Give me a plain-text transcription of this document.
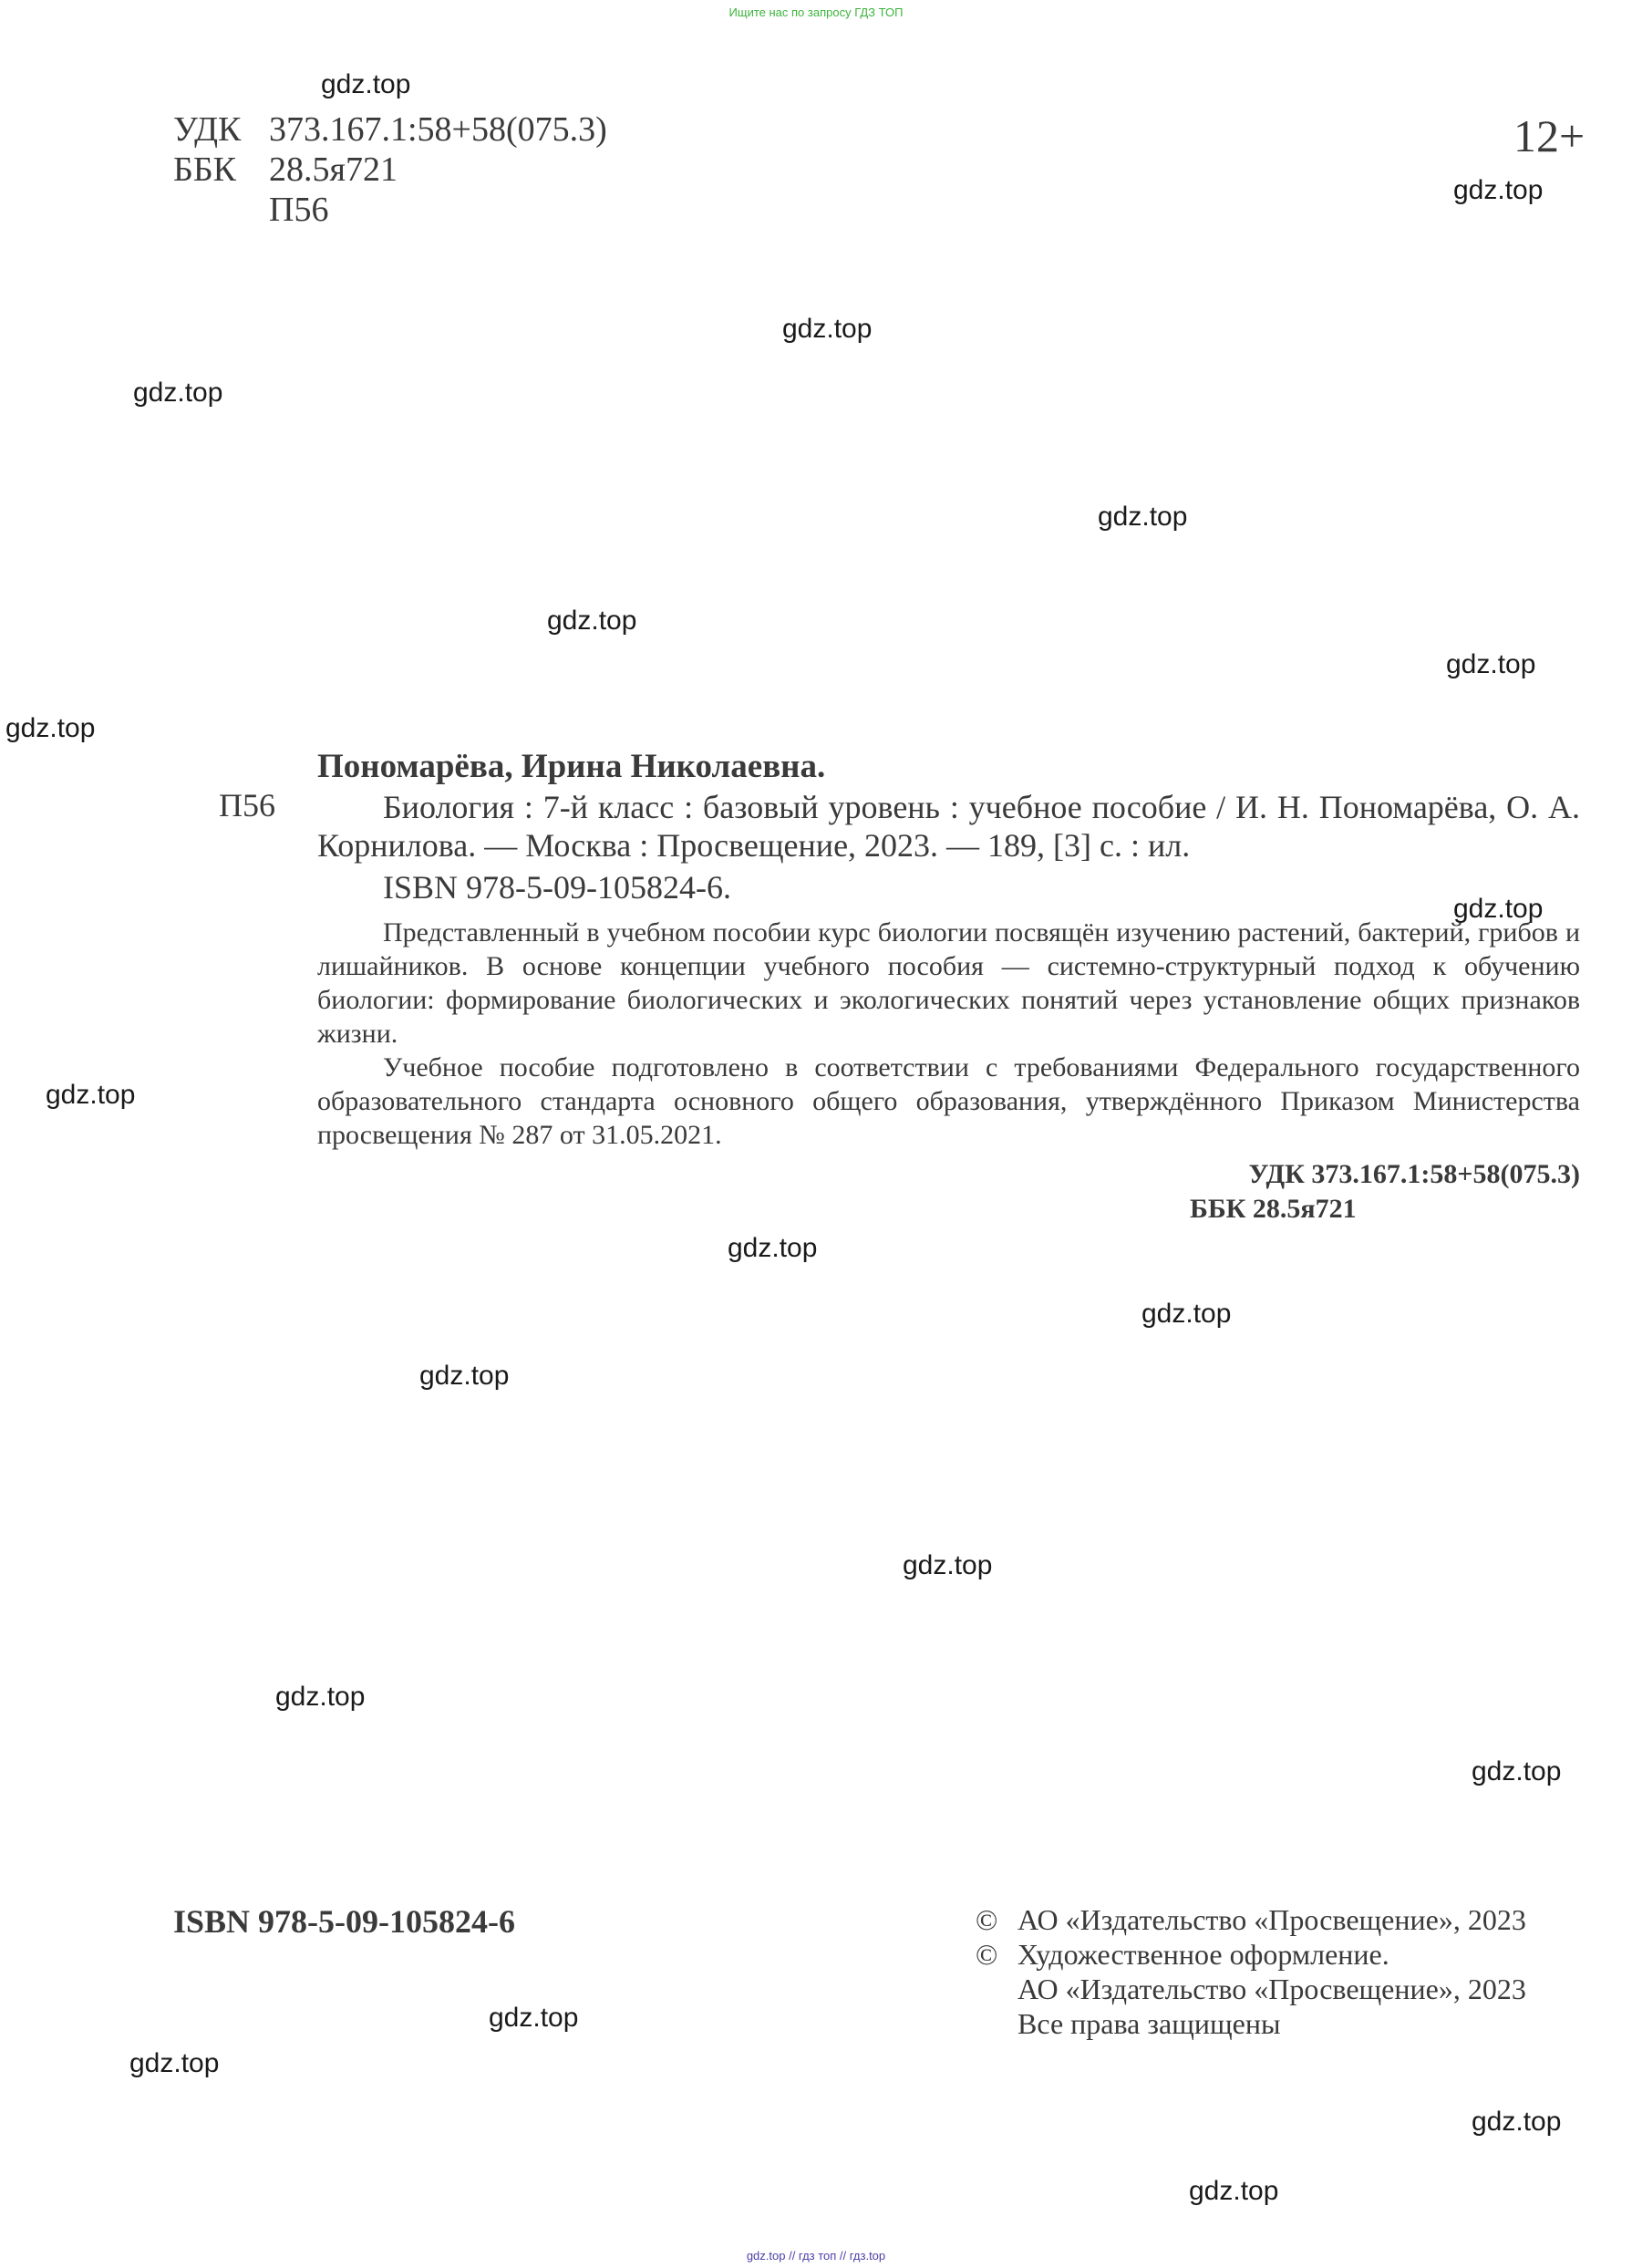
Ищите нас по запросу ГДЗ ТОП
УДК 373.167.1:58+58(075.3)
ББК 28.5я721
П56
12+
П56
Пономарёва, Ирина Николаевна.

Биология : 7-й класс : базовый уровень : учебное пособие / И. Н. Пономарёва, О. А. Корнилова. — Москва : Просвещение, 2023. — 189, [3] с. : ил.

ISBN 978-5-09-105824-6.

Представленный в учебном пособии курс биологии посвящён изучению растений, бактерий, грибов и лишайников. В основе концепции учебного пособия — системно-структурный подход к обучению биологии: формирование биологических и экологических понятий через установление общих признаков жизни.

Учебное пособие подготовлено в соответствии с требованиями Федерального государственного образовательного стандарта основного общего образования, утверждённого Приказом Министерства просвещения № 287 от 31.05.2021.

УДК 373.167.1:58+58(075.3)
ББК 28.5я721
ISBN 978-5-09-105824-6	© АО «Издательство «Просвещение», 2023
© Художественное оформление.
АО «Издательство «Просвещение», 2023
Все права защищены
gdz.top
gdz.top
gdz.top
gdz.top
gdz.top
gdz.top
gdz.top
gdz.top
gdz.top
gdz.top
gdz.top
gdz.top
gdz.top
gdz.top
gdz.top
gdz.top
gdz.top
gdz.top
gdz.top
gdz.top
gdz.top // гдз топ // гдз.top
